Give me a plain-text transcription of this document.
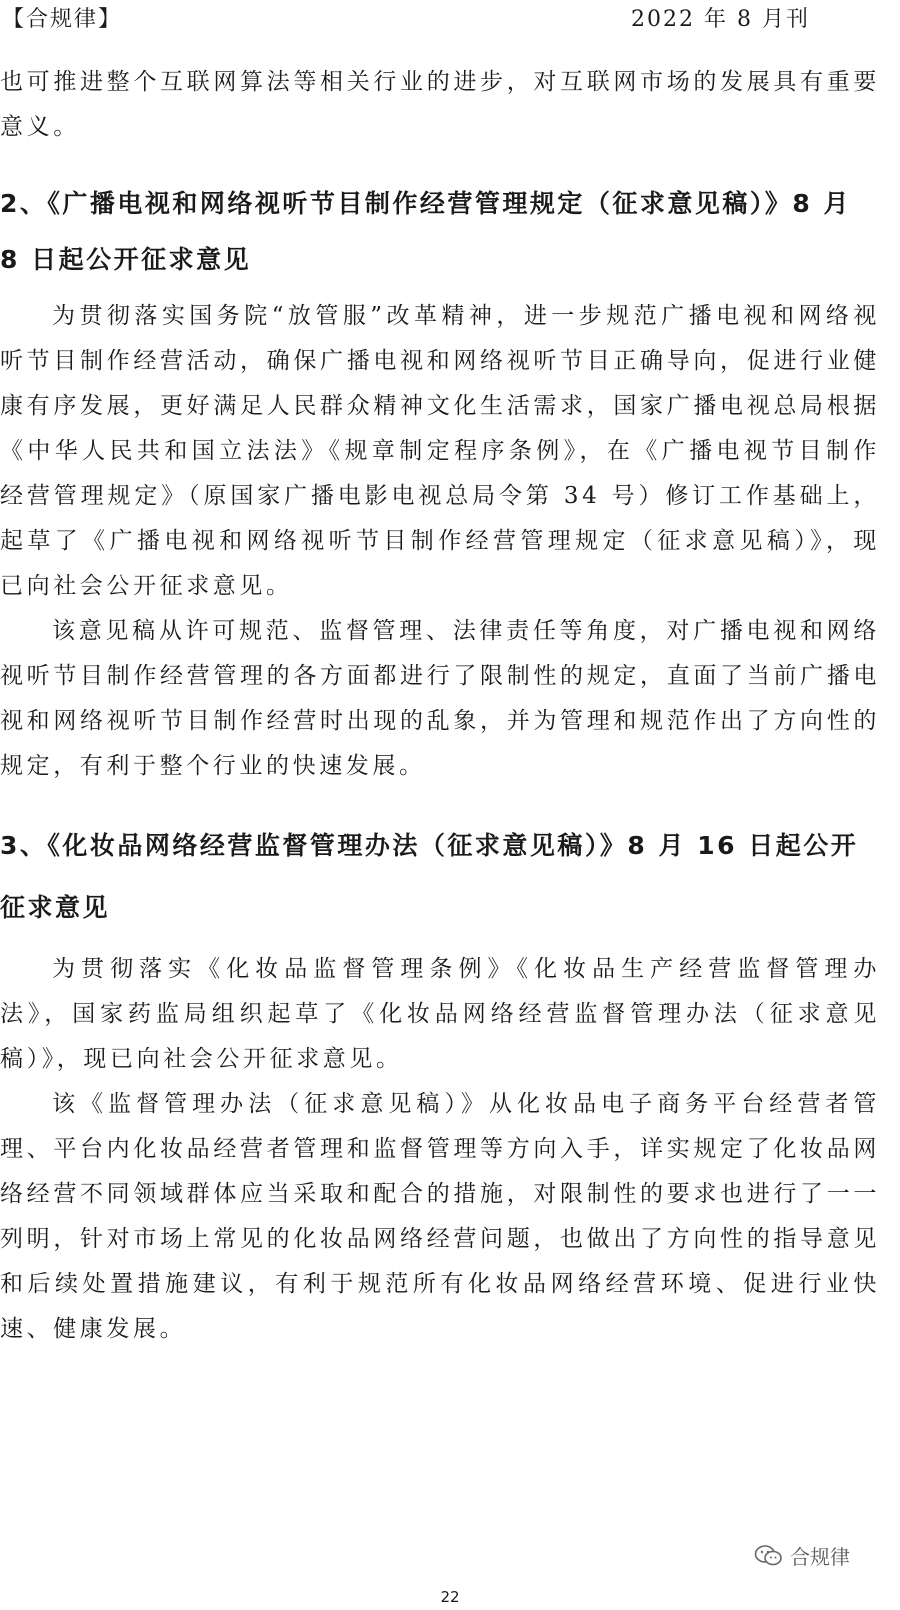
【合规律】	2022 年 8 月刊

也可推进整个互联网算法等相关行业的进步，对互联网市场的发展具有重要意义。

2、《广播电视和网络视听节目制作经营管理规定（征求意见稿）》8 月 8 日起公开征求意见

为贯彻落实国务院“放管服”改革精神，进一步规范广播电视和网络视听节目制作经营活动，确保广播电视和网络视听节目正确导向，促进行业健康有序发展，更好满足人民群众精神文化生活需求，国家广播电视总局根据《中华人民共和国立法法》《规章制定程序条例》，在《广播电视节目制作经营管理规定》（原国家广播电影电视总局令第 34 号）修订工作基础上，起草了《广播电视和网络视听节目制作经营管理规定（征求意见稿）》，现已向社会公开征求意见。

该意见稿从许可规范、监督管理、法律责任等角度，对广播电视和网络视听节目制作经营管理的各方面都进行了限制性的规定，直面了当前广播电视和网络视听节目制作经营时出现的乱象，并为管理和规范作出了方向性的规定，有利于整个行业的快速发展。

3、《化妆品网络经营监督管理办法（征求意见稿）》8 月 16 日起公开征求意见

为贯彻落实《化妆品监督管理条例》《化妆品生产经营监督管理办法》，国家药监局组织起草了《化妆品网络经营监督管理办法（征求意见稿）》，现已向社会公开征求意见。

该《监督管理办法（征求意见稿）》从化妆品电子商务平台经营者管理、平台内化妆品经营者管理和监督管理等方向入手，详实规定了化妆品网络经营不同领域群体应当采取和配合的措施，对限制性的要求也进行了一一列明，针对市场上常见的化妆品网络经营问题，也做出了方向性的指导意见和后续处置措施建议，有利于规范所有化妆品网络经营环境、促进行业快速、健康发展。

合规律
22
